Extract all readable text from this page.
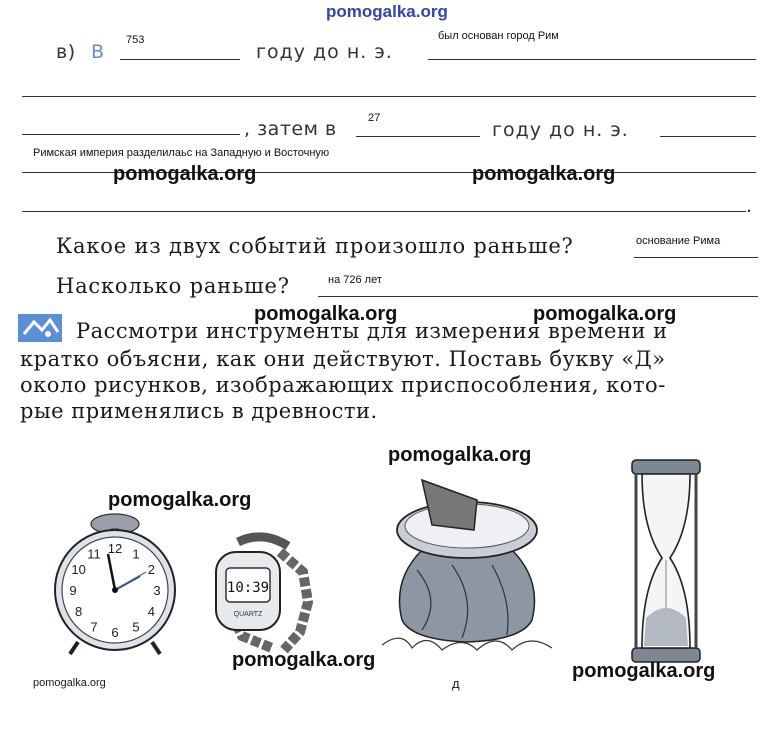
pomogalka.org
в) В
753
году до н. э.
был основан город Рим
, затем в	27
году до н. э.
Римская империя разделилаьс на Западную и Восточную
pomogalka.org	pomogalka.org
.
Какое из двух событий произошло раньше?	основание Рима
Насколько раньше?	на 726 лет
pomogalka.org	pomogalka.org
Рассмотри инструменты для измерения времени и
кратко объясни, как они действуют. Поставь букву «Д»
около рисунков, изображающих приспособления, кото-
рые применялись в древности.
pomogalka.org
pomogalka.org
12 1
2
3
4
5
6
7
8
9
10
11
10:39
QUARTZ
д
pomogalka.org	pomogalka.org
pomogalka.org
